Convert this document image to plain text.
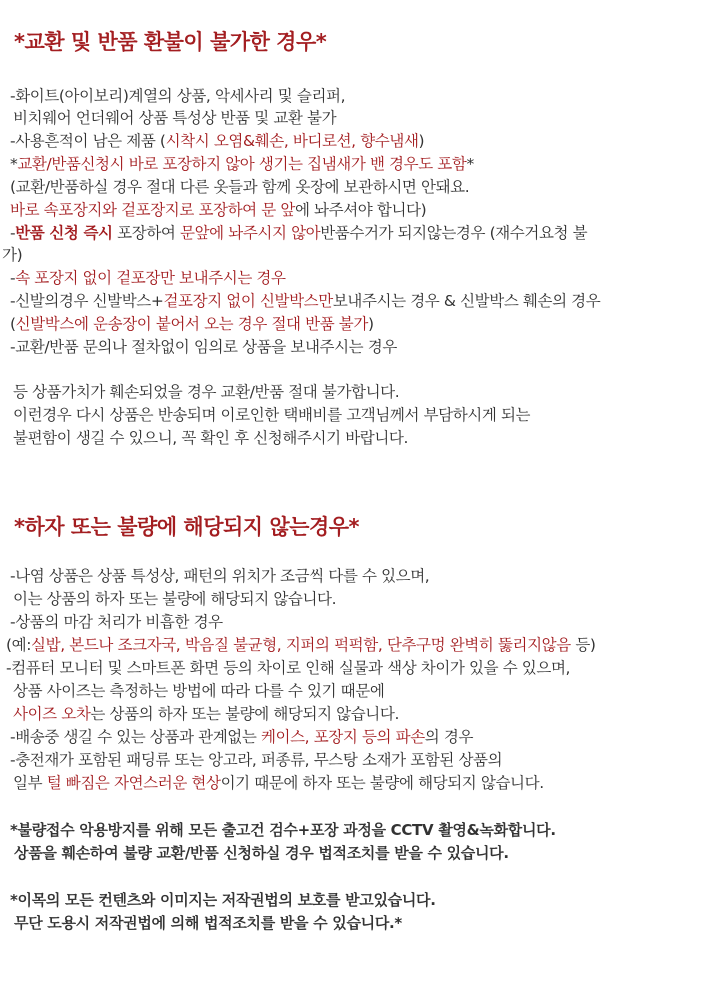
*교환 및 반품 환불이 불가한 경우*

-화이트(아이보리)계열의 상품, 악세사리 및 슬리퍼,

비치웨어 언더웨어 상품 특성상 반품 및 교환 불가

-사용흔적이 남은 제품 (시착시 오염&훼손, 바디로션, 향수냄새)

*교환/반품신청시 바로 포장하지 않아 생기는 집냄새가 밴 경우도 포함*

(교환/반품하실 경우 절대 다른 옷들과 함께 옷장에 보관하시면 안돼요.

바로 속포장지와 겉포장지로 포장하여 문 앞에 놔주셔야 합니다)

-반품 신청 즉시 포장하여 문앞에 놔주시지 않아반품수거가 되지않는경우 (재수거요청 불

가)

-속 포장지 없이 겉포장만 보내주시는 경우

-신발의경우 신발박스+겉포장지 없이 신발박스만보내주시는 경우 & 신발박스 훼손의 경우

(신발박스에 운송장이 붙어서 오는 경우 절대 반품 불가)

-교환/반품 문의나 절차없이 임의로 상품을 보내주시는 경우

등 상품가치가 훼손되었을 경우 교환/반품 절대 불가합니다.

이런경우 다시 상품은 반송되며 이로인한 택배비를 고객님께서 부담하시게 되는

불편함이 생길 수 있으니, 꼭 확인 후 신청해주시기 바랍니다.

*하자 또는 불량에 해당되지 않는경우*

-나염 상품은 상품 특성상, 패턴의 위치가 조금씩 다를 수 있으며,

이는 상품의 하자 또는 불량에 해당되지 않습니다.

-상품의 마감 처리가 비흡한 경우

(예:실밥, 본드나 조크자국, 박음질 불균형, 지퍼의 퍽퍽함, 단추구멍 완벽히 뚫리지않음 등)

-컴퓨터 모니터 및 스마트폰 화면 등의 차이로 인해 실물과 색상 차이가 있을 수 있으며,

상품 사이즈는 측정하는 방법에 따라 다를 수 있기 때문에

사이즈 오차는 상품의 하자 또는 불량에 해당되지 않습니다.

-배송중 생길 수 있는 상품과 관계없는 케이스, 포장지 등의 파손의 경우

-충전재가 포함된 패딩류 또는 앙고라, 퍼종류, 무스탕 소재가 포함된 상품의

일부 털 빠짐은 자연스러운 현상이기 때문에 하자 또는 불량에 해당되지 않습니다.

*불량접수 악용방지를 위해 모든 출고건 검수+포장 과정을 CCTV 촬영&녹화합니다.

상품을 훼손하여 불량 교환/반품 신청하실 경우 법적조치를 받을 수 있습니다.

*이목의 모든 컨텐츠와 이미지는 저작권법의 보호를 받고있습니다.

무단 도용시 저작권법에 의해 법적조치를 받을 수 있습니다.*
